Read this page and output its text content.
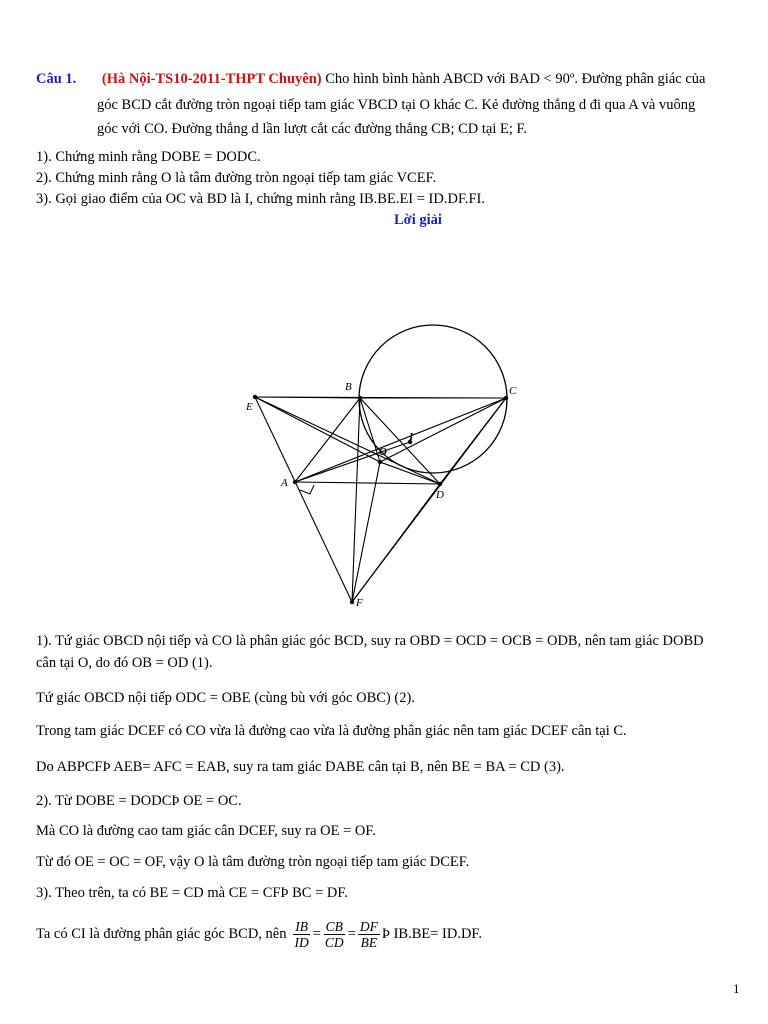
Câu 1. (Hà Nội-TS10-2011-THPT Chuyên) Cho hình bình hành ABCD với BAD < 90º. Đường phân giác của
góc BCD cắt đường tròn ngoại tiếp tam giác VBCD tại O khác C. Kẻ đường thẳng d đi qua A và vuông
góc với CO. Đường thẳng d lần lượt cắt các đường thẳng CB; CD tại E; F.
1). Chứng minh rằng DOBE = DODC.
2). Chứng minh rằng O là tâm đường tròn ngoại tiếp tam giác VCEF.
3). Gọi giao điểm của OC và BD là I, chứng minh rằng IB.BE.EI = ID.DF.FI.
Lời giải
A
B	C
D
E
F
O
I
1). Tứ giác OBCD nội tiếp và CO là phân giác góc BCD, suy ra OBD = OCD = OCB = ODB, nên tam giác DOBD
cân tại O, do đó OB = OD (1).
Tứ giác OBCD nội tiếp ODC = OBE (cùng bù với góc OBC) (2).
Trong tam giác DCEF có CO vừa là đường cao vừa là đường phân giác nên tam giác DCEF cân tại C.
Do ABPCFÞ AEB= AFC = EAB, suy ra tam giác DABE cân tại B, nên BE = BA = CD (3).
2). Từ DOBE = DODCÞ OE = OC.
Mà CO là đường cao tam giác cân DCEF, suy ra OE = OF.
Từ đó OE = OC = OF, vậy O là tâm đường tròn ngoại tiếp tam giác DCEF.
3). Theo trên, ta có BE = CD mà CE = CFÞ BC = DF.
Ta có CI là đường phân giác góc BCD, nên $\frac{IB}{ID} = \frac{CB}{CD} = \frac{DF}{BE}$ Þ IB.BE= ID.DF.
1
